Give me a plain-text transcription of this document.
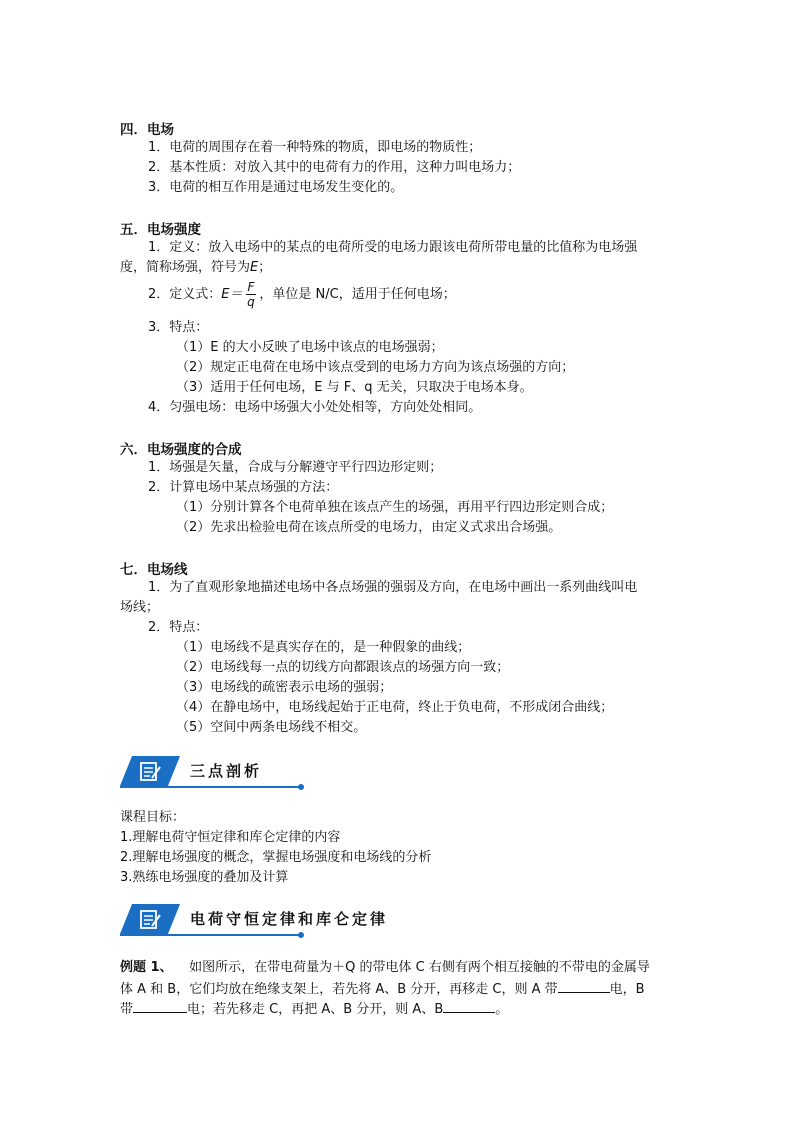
四．电场
1．电荷的周围存在着一种特殊的物质，即电场的物质性；
2．基本性质：对放入其中的电荷有力的作用，这种力叫电场力；
3．电荷的相互作用是通过电场发生变化的。
五．电场强度
1．定义：放入电场中的某点的电荷所受的电场力跟该电荷所带电量的比值称为电场强
度，简称场强，符号为E；
2．定义式：$E= \frac{F}{q}$ ，单位是 N/C，适用于任何电场；
3．特点：
（1）E 的大小反映了电场中该点的电场强弱；
（2）规定正电荷在电场中该点受到的电场力方向为该点场强的方向；
（3）适用于任何电场，E 与 F、q 无关，只取决于电场本身。
4．匀强电场：电场中场强大小处处相等，方向处处相同。
六．电场强度的合成
1．场强是矢量，合成与分解遵守平行四边形定则；
2．计算电场中某点场强的方法：
（1）分别计算各个电荷单独在该点产生的场强，再用平行四边形定则合成；
（2）先求出检验电荷在该点所受的电场力，由定义式求出合场强。
七．电场线
1．为了直观形象地描述电场中各点场强的强弱及方向，在电场中画出一系列曲线叫电
场线；
2．特点：
（1）电场线不是真实存在的，是一种假象的曲线；
（2）电场线每一点的切线方向都跟该点的场强方向一致；
（3）电场线的疏密表示电场的强弱；
（4）在静电场中，电场线起始于正电荷，终止于负电荷，不形成闭合曲线；
（5）空间中两条电场线不相交。
三点剖析
课程目标：
1.理解电荷守恒定律和库仑定律的内容
2.理解电场强度的概念，掌握电场强度和电场线的分析
3.熟练电场强度的叠加及计算
电荷守恒定律和库仑定律
例题 1、 如图所示，在带电荷量为＋Q 的带电体 C 右侧有两个相互接触的不带电的金属导
体 A 和 B，它们均放在绝缘支架上，若先将 A、B 分开，再移走 C，则 A 带	电，B
带	电；若先移走 C，再把 A、B 分开，则 A、B	。
